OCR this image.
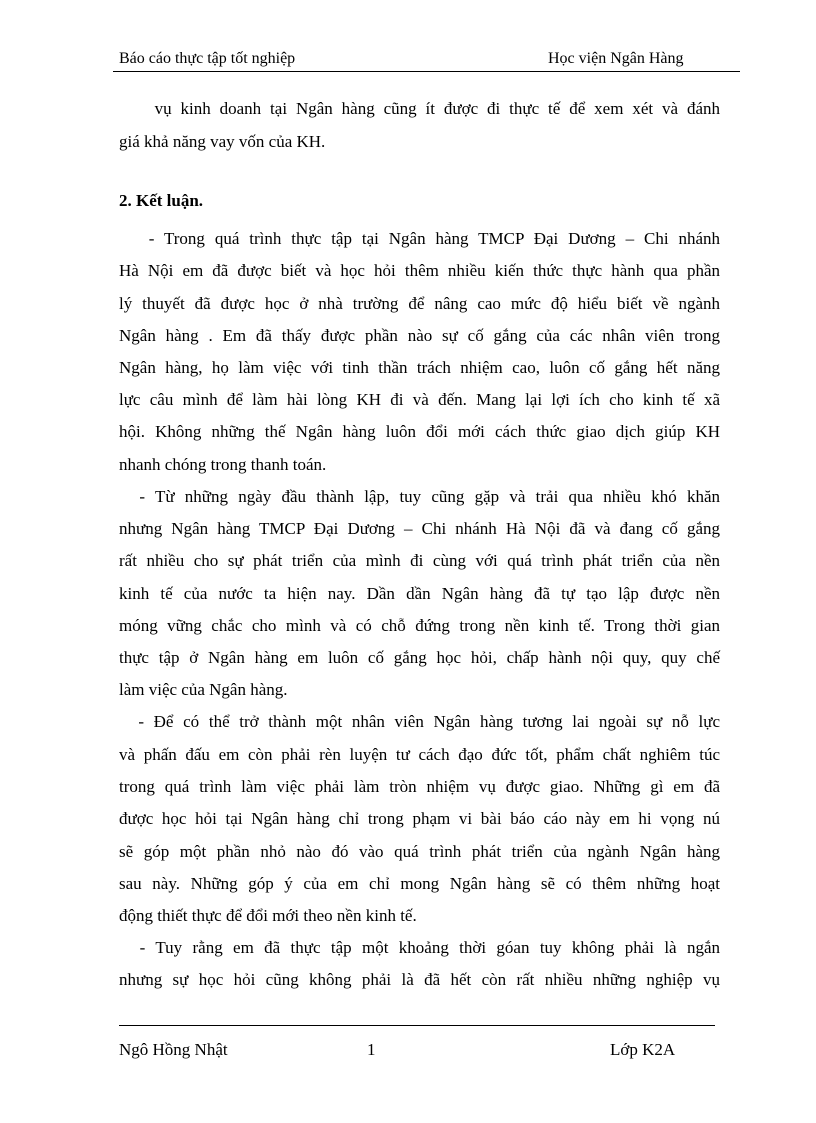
Báo cáo thực tập tốt nghiệp	Học viện Ngân Hàng
vụ kinh doanh tại Ngân hàng cũng ít được đi thực tế để xem xét và đánh
giá khả năng vay vốn của KH.
2. Kết luận.
- Trong quá trình thực tập tại Ngân hàng TMCP Đại Dương – Chi nhánh
Hà Nội em đã được biết và học hỏi thêm nhiều kiến thức thực hành qua phần
lý thuyết đã được học ở nhà trường để nâng cao mức độ hiểu biết về ngành
Ngân hàng . Em đã thấy được phần nào sự cố gắng của các nhân viên trong
Ngân hàng, họ làm việc với tinh thần trách nhiệm cao, luôn cố gắng hết năng
lực câu mình để làm hài lòng KH đi và đến. Mang lại lợi ích cho kinh tế xã
hội. Không những thế Ngân hàng luôn đổi mới cách thức giao dịch giúp KH
nhanh chóng trong thanh toán.
- Từ những ngày đầu thành lập, tuy cũng gặp và trải qua nhiều khó khăn
nhưng Ngân hàng TMCP Đại Dương – Chi nhánh Hà Nội đã và đang cố gắng
rất nhiều cho sự phát triển của mình đi cùng với quá trình phát triển của nền
kinh tế của nước ta hiện nay. Dần dần Ngân hàng đã tự tạo lập được nền
móng vững chắc cho mình và có chỗ đứng trong nền kinh tế. Trong thời gian
thực tập ở Ngân hàng em luôn cố gắng học hỏi, chấp hành nội quy, quy chế
làm việc của Ngân hàng.
- Để có thể trở thành một nhân viên Ngân hàng tương lai ngoài sự nỗ lực
và phấn đấu em còn phải rèn luyện tư cách đạo đức tốt, phẩm chất nghiêm túc
trong quá trình làm việc phải làm tròn nhiệm vụ được giao. Những gì em đã
được học hỏi tại Ngân hàng chỉ trong phạm vi bài báo cáo này em hi vọng nú
sẽ góp một phần nhỏ nào đó vào quá trình phát triển của ngành Ngân hàng
sau này. Những góp ý của em chỉ mong Ngân hàng sẽ có thêm những hoạt
động thiết thực để đổi mới theo nền kinh tế.
- Tuy rằng em đã thực tập một khoảng thời góan tuy không phải là ngắn
nhưng sự học hỏi cũng không phải là đã hết còn rất nhiều những nghiệp vụ
Ngô Hồng Nhật	1	Lớp K2A
